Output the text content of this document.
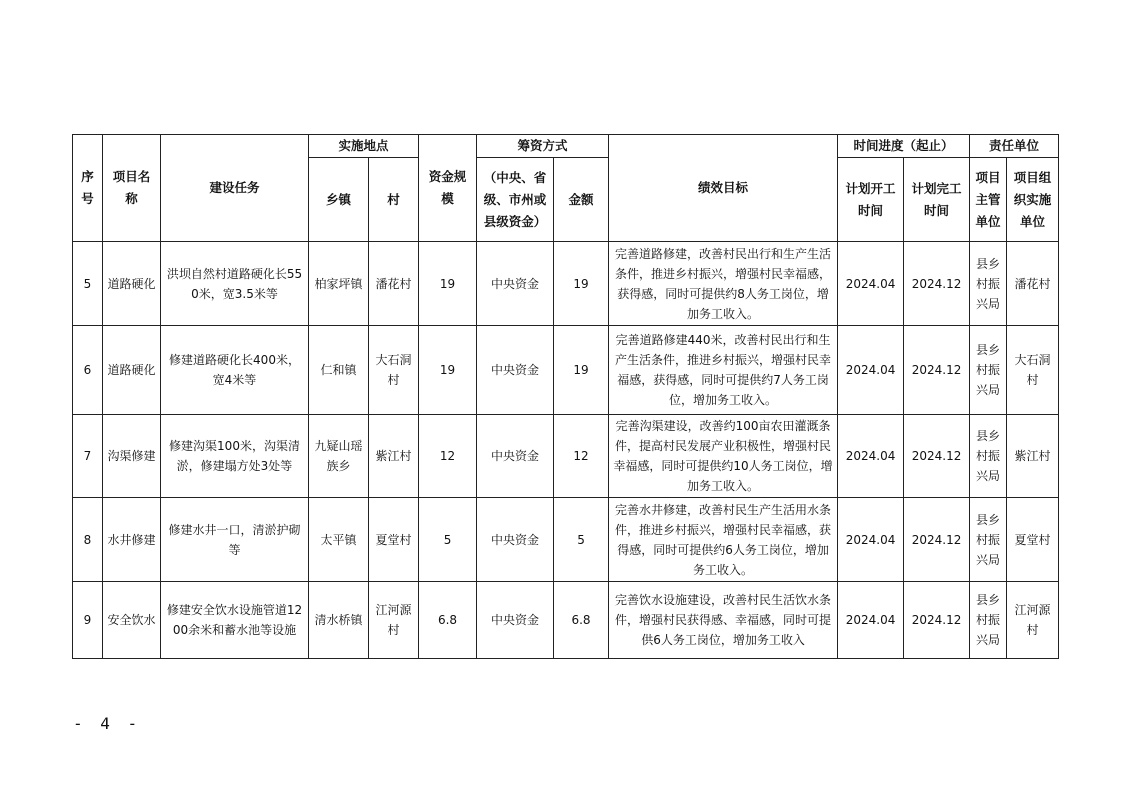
序号	项目名称	建设任务	实施地点		资金规模	筹资方式		绩效目标	时间进度（起止）		责任单位	
			乡镇	村		（中央、省级、市州或县级资金）	金额		计划开工时间	计划完工时间	项目主管单位	项目组织实施单位
5	道路硬化	洪坝自然村道路硬化长550米，宽3.5米等	柏家坪镇	潘花村	19	中央资金	19	完善道路修建，改善村民出行和生产生活条件，推进乡村振兴，增强村民幸福感，获得感，同时可提供约8人务工岗位，增加务工收入。	2024.04	2024.12	县乡村振兴局	潘花村
6	道路硬化	修建道路硬化长400米，宽4米等	仁和镇	大石洞村	19	中央资金	19	完善道路修建440米，改善村民出行和生产生活条件，推进乡村振兴，增强村民幸福感，获得感，同时可提供约7人务工岗位，增加务工收入。	2024.04	2024.12	县乡村振兴局	大石洞村
7	沟渠修建	修建沟渠100米，沟渠清淤，修建塌方处3处等	九疑山瑶族乡	紫江村	12	中央资金	12	完善沟渠建设，改善约100亩农田灌溉条件，提高村民发展产业积极性，增强村民幸福感，同时可提供约10人务工岗位，增加务工收入。	2024.04	2024.12	县乡村振兴局	紫江村
8	水井修建	修建水井一口，清淤护砌等	太平镇	夏堂村	5	中央资金	5	完善水井修建，改善村民生产生活用水条件，推进乡村振兴，增强村民幸福感，获得感，同时可提供约6人务工岗位，增加务工收入。	2024.04	2024.12	县乡村振兴局	夏堂村
9	安全饮水	修建安全饮水设施管道1200余米和蓄水池等设施	清水桥镇	江河源村	6.8	中央资金	6.8	完善饮水设施建设，改善村民生活饮水条件，增强村民获得感、幸福感，同时可提供6人务工岗位，增加务工收入	2024.04	2024.12	县乡村振兴局	江河源村
- 4 -
